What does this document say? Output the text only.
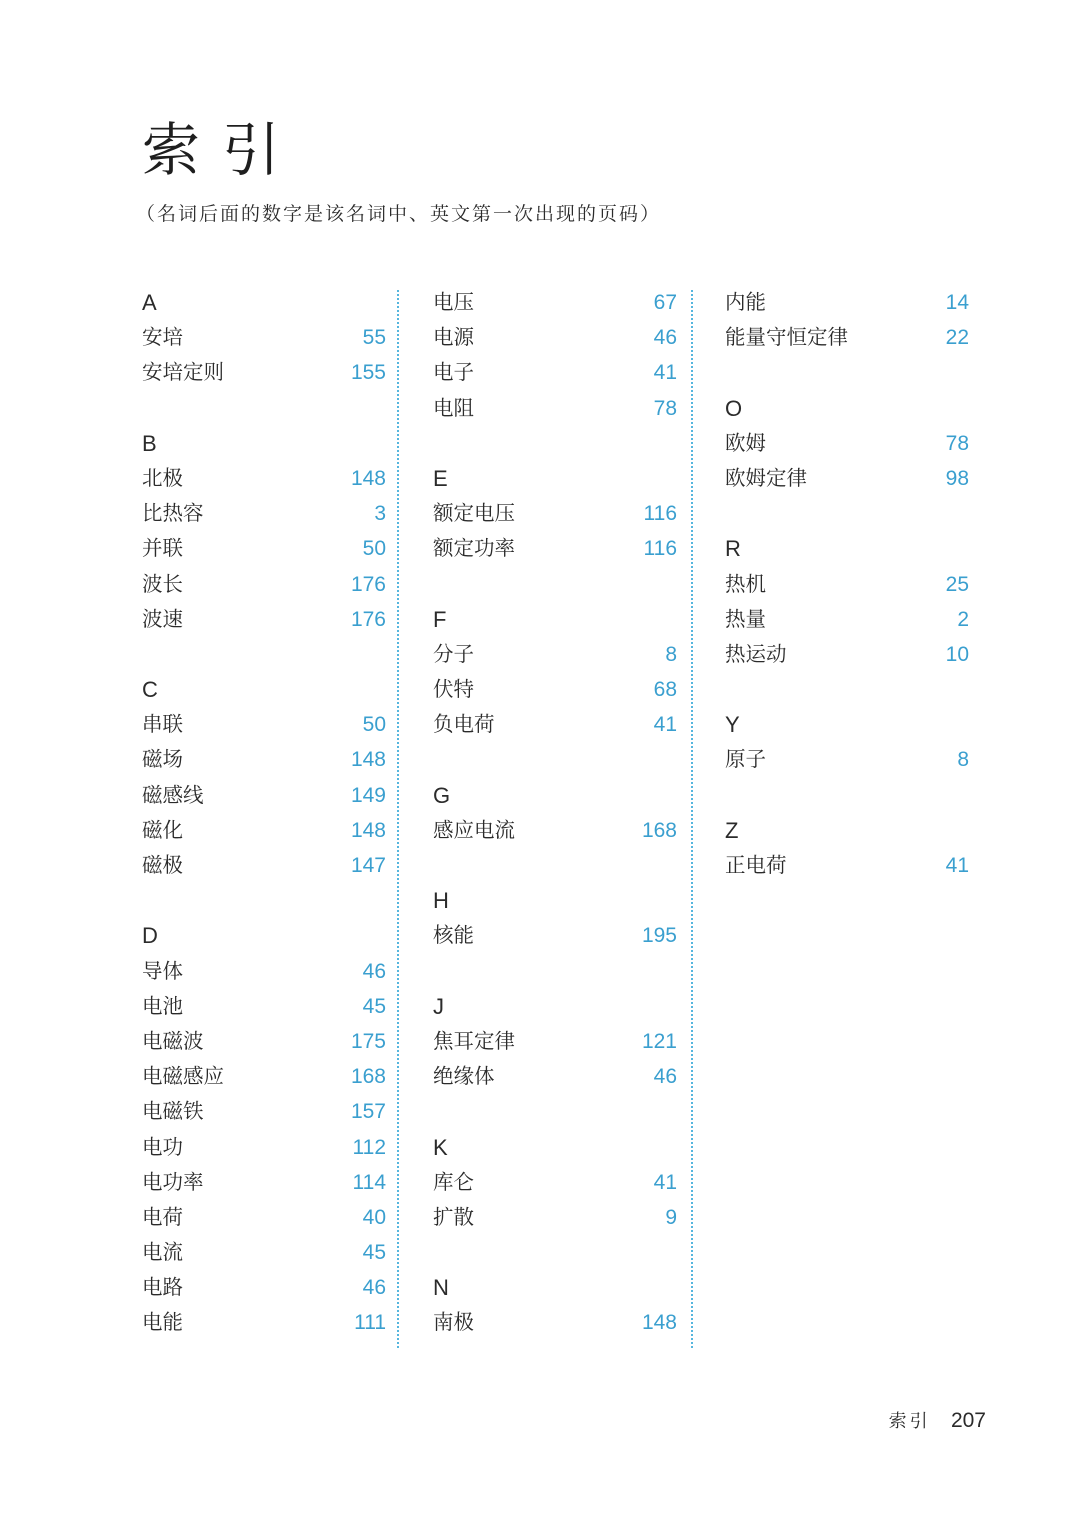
索引
（名词后面的数字是该名词中、英文第一次出现的页码）
A
安培	55
安培定则	155
B
北极	148
比热容	3
并联	50
波长	176
波速	176
C
串联	50
磁场	148
磁感线	149
磁化	148
磁极	147
D
导体	46
电池	45
电磁波	175
电磁感应	168
电磁铁	157
电功	112
电功率	114
电荷	40
电流	45
电路	46
电能	111
电压	67
电源	46
电子	41
电阻	78
E
额定电压	116
额定功率	116
F
分子	8
伏特	68
负电荷	41
G
感应电流	168
H
核能	195
J
焦耳定律	121
绝缘体	46
K
库仑	41
扩散	9
N
南极	148
内能	14
能量守恒定律	22
O
欧姆	78
欧姆定律	98
R
热机	25
热量	2
热运动	10
Y
原子	8
Z
正电荷	41
索引 207
